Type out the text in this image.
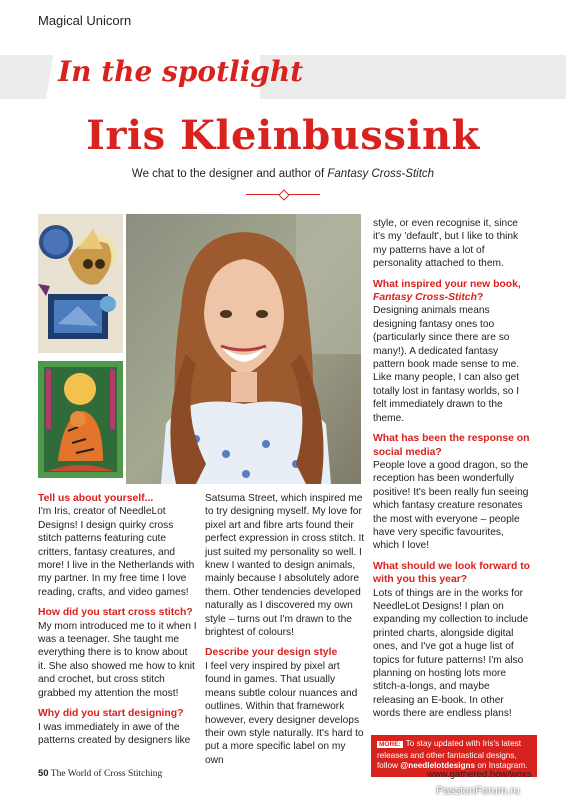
Magical Unicorn
In the spotlight
Iris Kleinbussink
We chat to the designer and author of Fantasy Cross-Stitch
Tell us about yourself...

I'm Iris, creator of NeedleLot Designs! I design quirky cross stitch patterns featuring cute critters, fantasy creatures, and more! I live in the Netherlands with my partner. In my free time I love reading, crafts, and video games!

How did you start cross stitch?

My mom introduced me to it when I was a teenager. She taught me everything there is to know about it. She also showed me how to knit and crochet, but cross stitch grabbed my attention the most!

Why did you start designing?

I was immediately in awe of the patterns created by designers like

Satsuma Street, which inspired me to try designing myself. My love for pixel art and fibre arts found their perfect expression in cross stitch. It just suited my personality so well. I knew I wanted to design animals, mainly because I absolutely adore them. Other tendencies developed naturally as I discovered my own style – turns out I'm drawn to the brightest of colours!

Describe your design style

I feel very inspired by pixel art found in games. That usually means subtle colour nuances and outlines. Within that framework however, every designer develops their own style naturally. It's hard to put a more specific label on my own

style, or even recognise it, since it's my 'default', but I like to think my patterns have a lot of personality attached to them.

What inspired your new book,
Fantasy Cross-Stitch?

Designing animals means designing fantasy ones too (particularly since there are so many!). A dedicated fantasy pattern book made sense to me. Like many people, I can also get totally lost in fantasy worlds, so I felt immediately drawn to the theme.

What has been the response on social media?

People love a good dragon, so the reception has been wonderfully positive! It's been really fun seeing which fantasy creature resonates the most with everyone – people have very specific favourites, which I love!

What should we look forward to with you this year?

Lots of things are in the works for NeedleLot Designs! I plan on expanding my collection to include printed charts, alongside digital ones, and I've got a huge list of topics for future patterns! I'm also planning on hosting lots more stitch-a-longs, and maybe releasing an E-book. In other words there are endless plans!

MORE: To stay updated with Iris's latest releases and other fantastical designs, follow @needlelotdesigns on Instagram.
50 The World of Cross Stitching	www.gathered.how/woxs
PassionForum.ru
